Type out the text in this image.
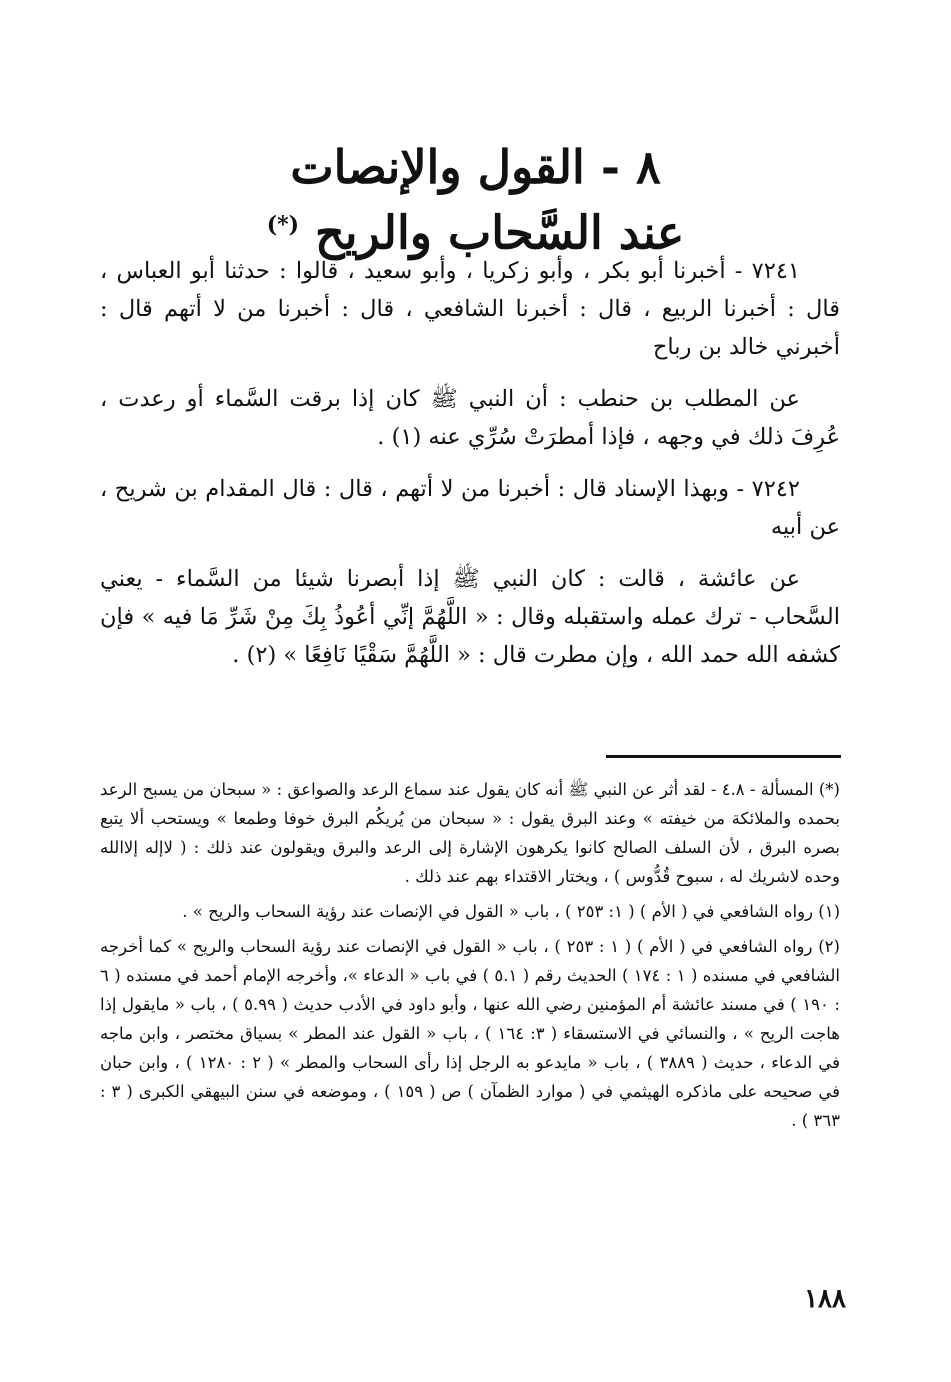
٨ - القول والإنصات

عند السَّحاب والريح (*)

٧٢٤١ - أخبرنا أبو بكر ، وأبو زكريا ، وأبو سعيد ، قالوا : حدثنا أبو العباس ، قال : أخبرنا الربيع ، قال : أخبرنا الشافعي ، قال : أخبرنا من لا أتهم قال : أخبرني خالد بن رباح

عن المطلب بن حنطب : أن النبي ﷺ كان إذا برقت السَّماء أو رعدت ، عُرِفَ ذلك في وجهه ، فإذا أمطرَتْ سُرِّي عنه (١) .

٧٢٤٢ - وبهذا الإسناد قال : أخبرنا من لا أتهم ، قال : قال المقدام بن شريح ، عن أبيه

عن عائشة ، قالت : كان النبي ﷺ إذا أبصرنا شيئا من السَّماء - يعني السَّحاب - ترك عمله واستقبله وقال : « اللَّهُمَّ إنِّي أعُوذُ بِكَ مِنْ شَرِّ مَا فيه » فإن كشفه الله حمد الله ، وإن مطرت قال : « اللَّهُمَّ سَقْيًا نَافِعًا » (٢) .

(*) المسألة - ٤.٨ - لقد أثر عن النبي ﷺ أنه كان يقول عند سماع الرعد والصواعق : « سبحان من يسبح الرعد بحمده والملائكة من خيفته » وعند البرق يقول : « سبحان من يُريكُم البرق خوفا وطمعا » ويستحب ألا يتبع بصره البرق ، لأن السلف الصالح كانوا يكرهون الإشارة إلى الرعد والبرق ويقولون عند ذلك : ( لاإله إلاالله وحده لاشريك له ، سبوح قُدُّوس ) ، ويختار الاقتداء بهم عند ذلك .

(١) رواه الشافعي في ( الأم ) ( ١: ٢٥٣ ) ، باب « القول في الإنصات عند رؤية السحاب والريح » .

(٢) رواه الشافعي في ( الأم ) ( ١ : ٢٥٣ ) ، باب « القول في الإنصات عند رؤية السحاب والريح » كما أخرجه الشافعي في مسنده ( ١ : ١٧٤ ) الحديث رقم ( ٥.١ ) في باب « الدعاء »، وأخرجه الإمام أحمد في مسنده ( ٦ : ١٩٠ ) في مسند عائشة أم المؤمنين رضي الله عنها ، وأبو داود في الأدب حديث ( ٥.٩٩ ) ، باب « مايقول إذا هاجت الريح » ، والنسائي في الاستسقاء ( ٣: ١٦٤ ) ، باب « القول عند المطر » بسياق مختصر ، وابن ماجه في الدعاء ، حديث ( ٣٨٨٩ ) ، باب « مايدعو به الرجل إذا رأى السحاب والمطر » ( ٢ : ١٢٨٠ ) ، وابن حبان في صحيحه على ماذكره الهيثمي في ( موارد الظمآن ) ص ( ١٥٩ ) ، وموضعه في سنن البيهقي الكبرى ( ٣ : ٣٦٣ ) .

١٨٨
